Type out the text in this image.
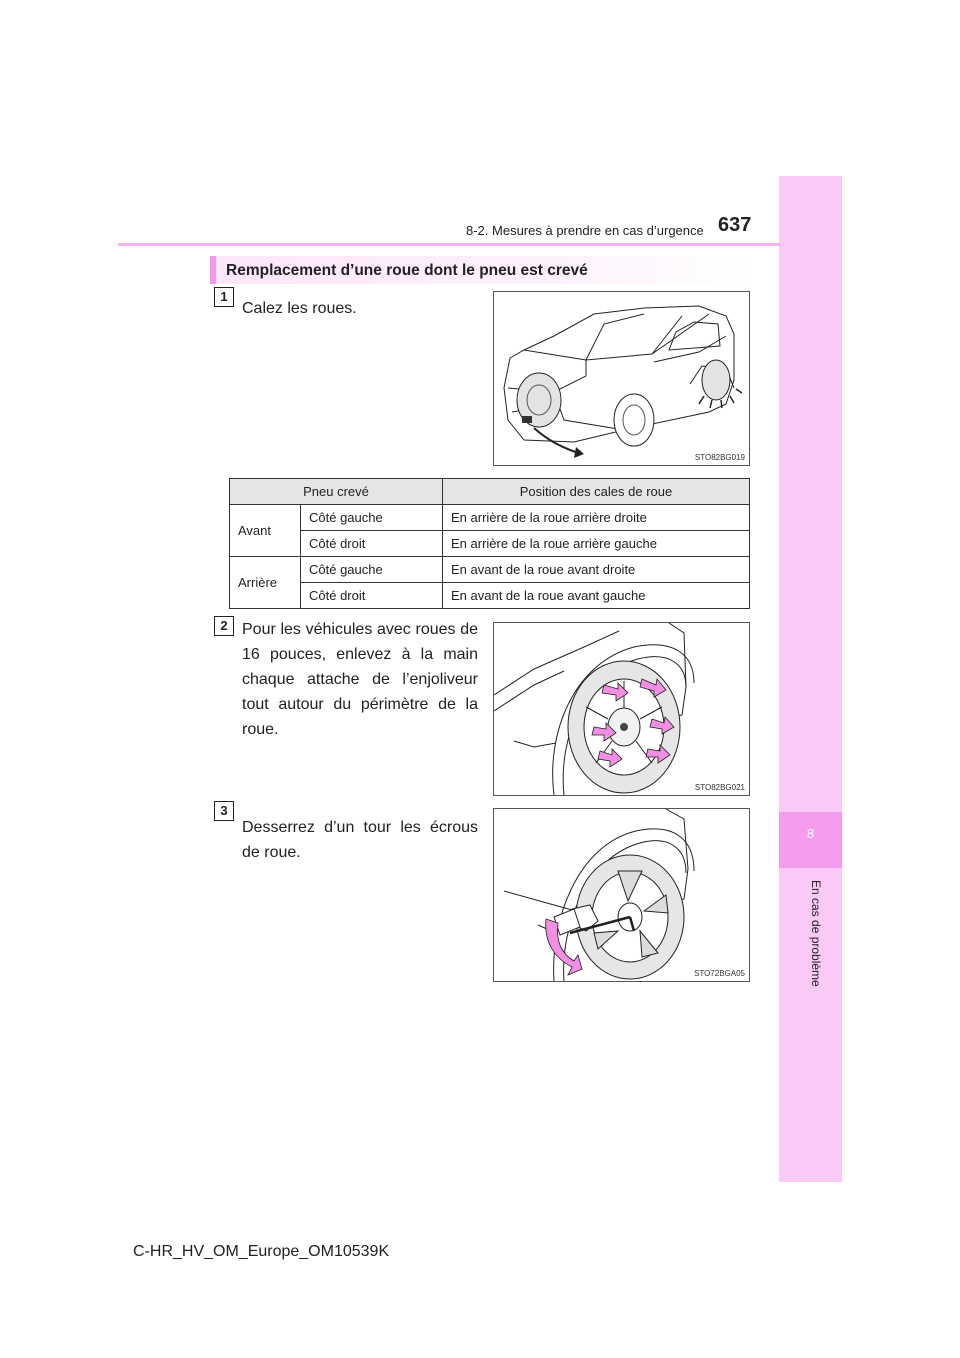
8
En cas de problème
8-2. Mesures à prendre en cas d’urgence 637
Remplacement d’une roue dont le pneu est crevé
1
Calez les roues.
STO82BG019
Pneu crevé		Position des cales de roue
Avant	Côté gauche	En arrière de la roue arrière droite
	Côté droit	En arrière de la roue arrière gauche
Arrière	Côté gauche	En avant de la roue avant droite
	Côté droit	En avant de la roue avant gauche
2 Pour les véhicules avec roues de 16 pouces, enlevez à la main chaque attache de l’enjoliveur tout autour du périmètre de la roue.
STO82BG021
3
Desserrez d’un tour les écrous de roue.
STO72BGA05
C-HR_HV_OM_Europe_OM10539K
